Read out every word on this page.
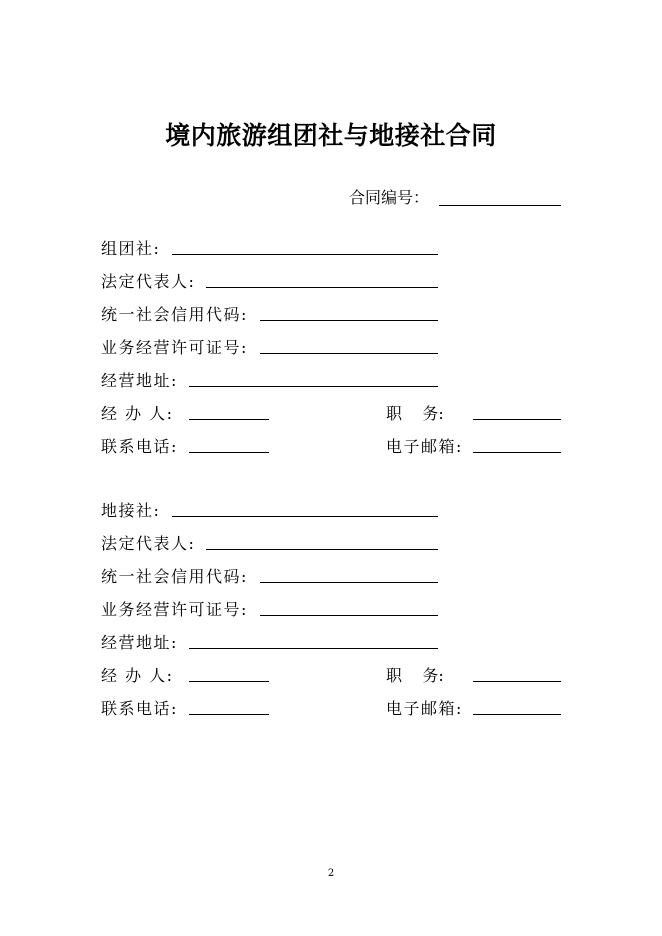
境内旅游组团社与地接社合同
合同编号：
组团社:
法定代表人:
统一社会信用代码:
业务经营许可证号:
经营地址:
经 办 人:	职    务:
联系电话:	电子邮箱:
地接社:
法定代表人:
统一社会信用代码:
业务经营许可证号:
经营地址:
经 办 人:	职    务:
联系电话:	电子邮箱:
2
